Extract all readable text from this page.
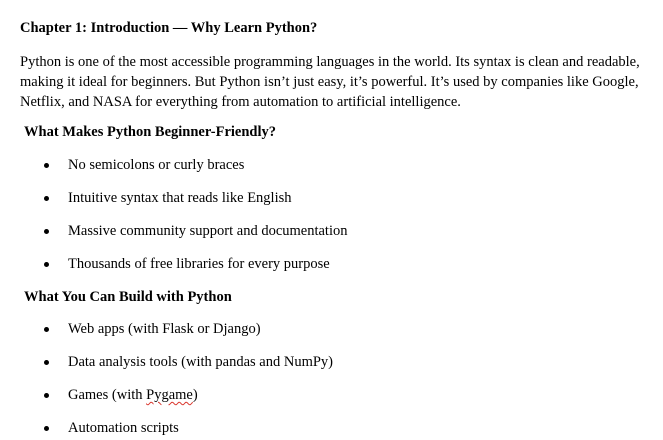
Chapter 1: Introduction — Why Learn Python?

Python is one of the most accessible programming languages in the world. Its syntax is clean and readable, making it ideal for beginners. But Python isn’t just easy, it’s powerful. It’s used by companies like Google, Netflix, and NASA for everything from automation to artificial intelligence.

What Makes Python Beginner-Friendly?
No semicolons or curly braces
Intuitive syntax that reads like English
Massive community support and documentation
Thousands of free libraries for every purpose
What You Can Build with Python
Web apps (with Flask or Django)
Data analysis tools (with pandas and NumPy)
Games (with Pygame)
Automation scripts
